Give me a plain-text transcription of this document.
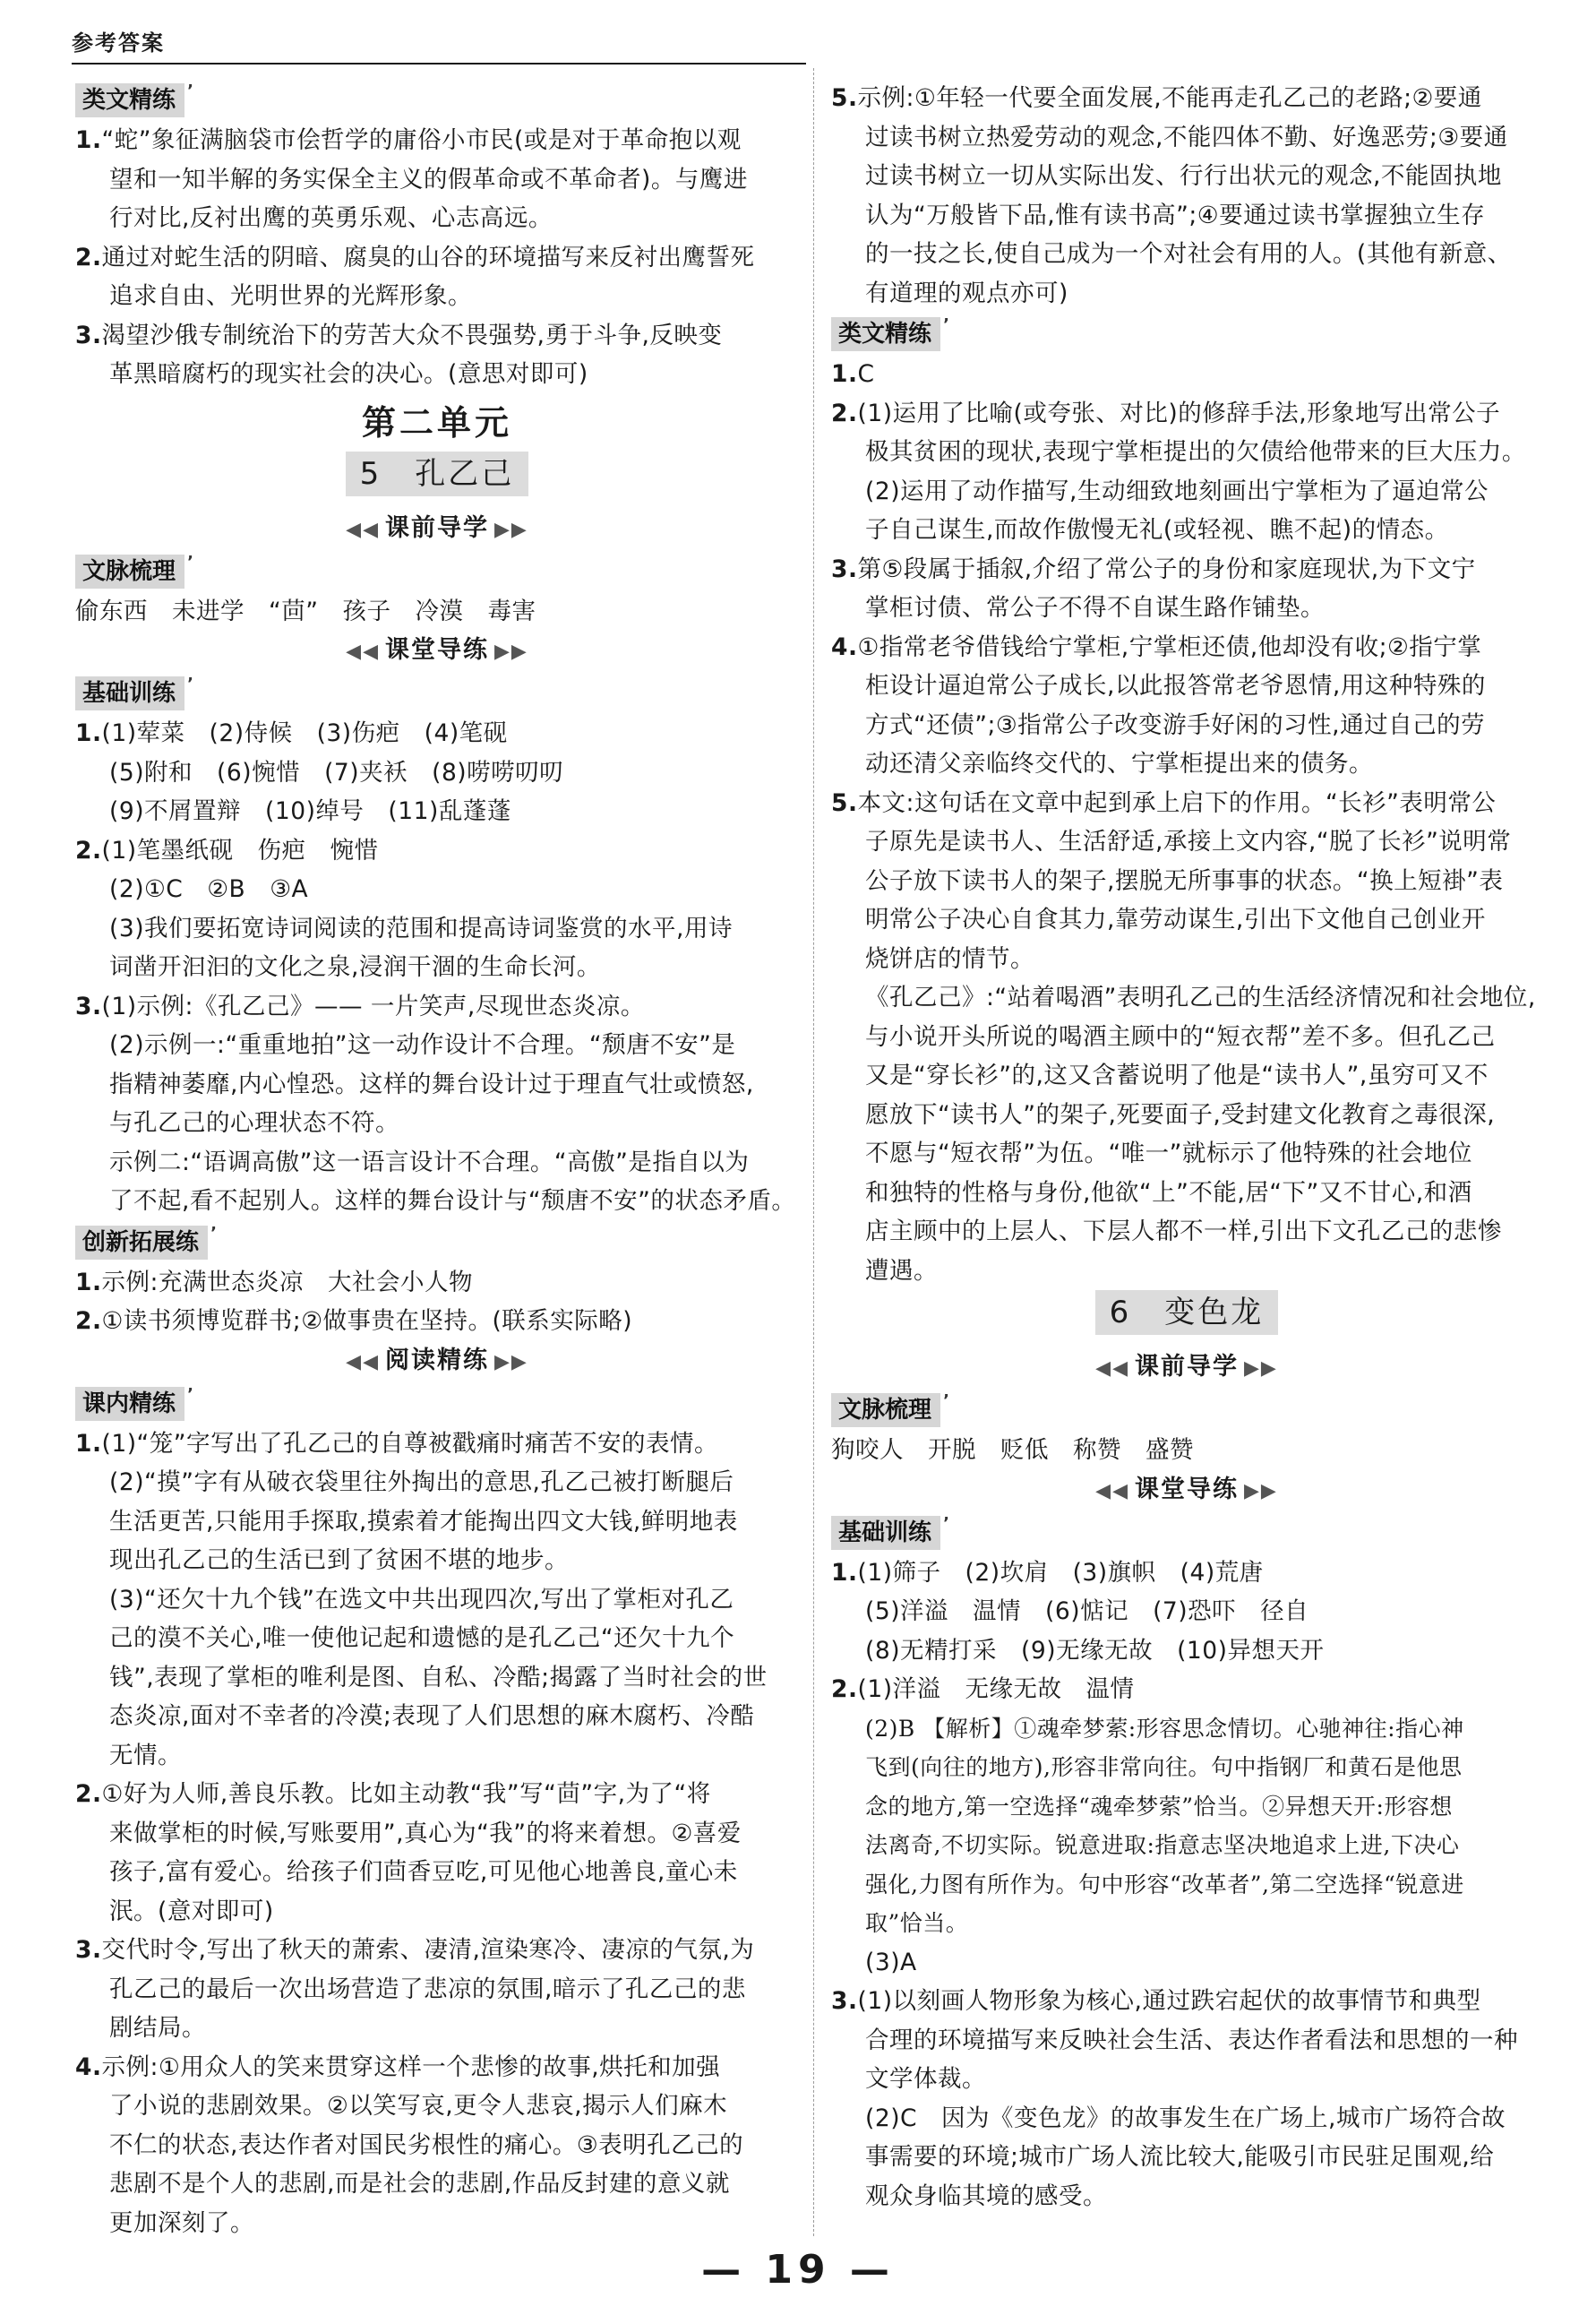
参考答案
类文精练 ’
1.“蛇”象征满脑袋市侩哲学的庸俗小市民(或是对于革命抱以观
望和一知半解的务实保全主义的假革命或不革命者)。与鹰进
行对比,反衬出鹰的英勇乐观、心志高远。
2.通过对蛇生活的阴暗、腐臭的山谷的环境描写来反衬出鹰誓死
追求自由、光明世界的光辉形象。
3.渴望沙俄专制统治下的劳苦大众不畏强势,勇于斗争,反映变
革黑暗腐朽的现实社会的决心。(意思对即可)
第二单元
5　孔乙己
◀◀ 课前导学 ▶▶
文脉梳理 ’
偷东西　未进学　“茴”　孩子　冷漠　毒害
◀◀ 课堂导练 ▶▶
基础训练 ’
1.(1)荤菜　(2)侍候　(3)伤疤　(4)笔砚
(5)附和　(6)惋惜　(7)夹袄　(8)唠唠叨叨
(9)不屑置辩　(10)绰号　(11)乱蓬蓬
2.(1)笔墨纸砚　伤疤　惋惜
(2)①C　②B　③A
(3)我们要拓宽诗词阅读的范围和提高诗词鉴赏的水平,用诗
词凿开汩汩的文化之泉,浸润干涸的生命长河。
3.(1)示例:《孔乙己》—— 一片笑声,尽现世态炎凉。
(2)示例一:“重重地拍”这一动作设计不合理。“颓唐不安”是
指精神萎靡,内心惶恐。这样的舞台设计过于理直气壮或愤怒,
与孔乙己的心理状态不符。
示例二:“语调高傲”这一语言设计不合理。“高傲”是指自以为
了不起,看不起别人。这样的舞台设计与“颓唐不安”的状态矛盾。
创新拓展练 ’
1.示例:充满世态炎凉　大社会小人物
2.①读书须博览群书;②做事贵在坚持。(联系实际略)
◀◀ 阅读精练 ▶▶
课内精练 ’
1.(1)“笼”字写出了孔乙己的自尊被戳痛时痛苦不安的表情。
(2)“摸”字有从破衣袋里往外掏出的意思,孔乙己被打断腿后
生活更苦,只能用手探取,摸索着才能掏出四文大钱,鲜明地表
现出孔乙己的生活已到了贫困不堪的地步。
(3)“还欠十九个钱”在选文中共出现四次,写出了掌柜对孔乙
己的漠不关心,唯一使他记起和遗憾的是孔乙己“还欠十九个
钱”,表现了掌柜的唯利是图、自私、冷酷;揭露了当时社会的世
态炎凉,面对不幸者的冷漠;表现了人们思想的麻木腐朽、冷酷
无情。
2.①好为人师,善良乐教。比如主动教“我”写“茴”字,为了“将
来做掌柜的时候,写账要用”,真心为“我”的将来着想。②喜爱
孩子,富有爱心。给孩子们茴香豆吃,可见他心地善良,童心未
泯。(意对即可)
3.交代时令,写出了秋天的萧索、凄清,渲染寒冷、凄凉的气氛,为
孔乙己的最后一次出场营造了悲凉的氛围,暗示了孔乙己的悲
剧结局。
4.示例:①用众人的笑来贯穿这样一个悲惨的故事,烘托和加强
了小说的悲剧效果。②以笑写哀,更令人悲哀,揭示人们麻木
不仁的状态,表达作者对国民劣根性的痛心。③表明孔乙己的
悲剧不是个人的悲剧,而是社会的悲剧,作品反封建的意义就
更加深刻了。
5.示例:①年轻一代要全面发展,不能再走孔乙己的老路;②要通
过读书树立热爱劳动的观念,不能四体不勤、好逸恶劳;③要通
过读书树立一切从实际出发、行行出状元的观念,不能固执地
认为“万般皆下品,惟有读书高”;④要通过读书掌握独立生存
的一技之长,使自己成为一个对社会有用的人。(其他有新意、
有道理的观点亦可)
类文精练 ’
1.C
2.(1)运用了比喻(或夸张、对比)的修辞手法,形象地写出常公子
极其贫困的现状,表现宁掌柜提出的欠债给他带来的巨大压力。
(2)运用了动作描写,生动细致地刻画出宁掌柜为了逼迫常公
子自己谋生,而故作傲慢无礼(或轻视、瞧不起)的情态。
3.第⑤段属于插叙,介绍了常公子的身份和家庭现状,为下文宁
掌柜讨债、常公子不得不自谋生路作铺垫。
4.①指常老爷借钱给宁掌柜,宁掌柜还债,他却没有收;②指宁掌
柜设计逼迫常公子成长,以此报答常老爷恩情,用这种特殊的
方式“还债”;③指常公子改变游手好闲的习性,通过自己的劳
动还清父亲临终交代的、宁掌柜提出来的债务。
5.本文:这句话在文章中起到承上启下的作用。“长衫”表明常公
子原先是读书人、生活舒适,承接上文内容,“脱了长衫”说明常
公子放下读书人的架子,摆脱无所事事的状态。“换上短褂”表
明常公子决心自食其力,靠劳动谋生,引出下文他自己创业开
烧饼店的情节。
《孔乙己》:“站着喝酒”表明孔乙己的生活经济情况和社会地位,
与小说开头所说的喝酒主顾中的“短衣帮”差不多。但孔乙己
又是“穿长衫”的,这又含蓄说明了他是“读书人”,虽穷可又不
愿放下“读书人”的架子,死要面子,受封建文化教育之毒很深,
不愿与“短衣帮”为伍。“唯一”就标示了他特殊的社会地位
和独特的性格与身份,他欲“上”不能,居“下”又不甘心,和酒
店主顾中的上层人、下层人都不一样,引出下文孔乙己的悲惨
遭遇。
6　变色龙
◀◀ 课前导学 ▶▶
文脉梳理 ’
狗咬人　开脱　贬低　称赞　盛赞
◀◀ 课堂导练 ▶▶
基础训练 ’
1.(1)筛子　(2)坎肩　(3)旗帜　(4)荒唐
(5)洋溢　温情　(6)惦记　(7)恐吓　径自
(8)无精打采　(9)无缘无故　(10)异想天开
2.(1)洋溢　无缘无故　温情
(2)B 【解析】①魂牵梦萦:形容思念情切。心驰神往:指心神
飞到(向往的地方),形容非常向往。句中指钢厂和黄石是他思
念的地方,第一空选择“魂牵梦萦”恰当。②异想天开:形容想
法离奇,不切实际。锐意进取:指意志坚决地追求上进,下决心
强化,力图有所作为。句中形容“改革者”,第二空选择“锐意进
取”恰当。
(3)A
3.(1)以刻画人物形象为核心,通过跌宕起伏的故事情节和典型
合理的环境描写来反映社会生活、表达作者看法和思想的一种
文学体裁。
(2)C　因为《变色龙》的故事发生在广场上,城市广场符合故
事需要的环境;城市广场人流比较大,能吸引市民驻足围观,给
观众身临其境的感受。
— 19 —
